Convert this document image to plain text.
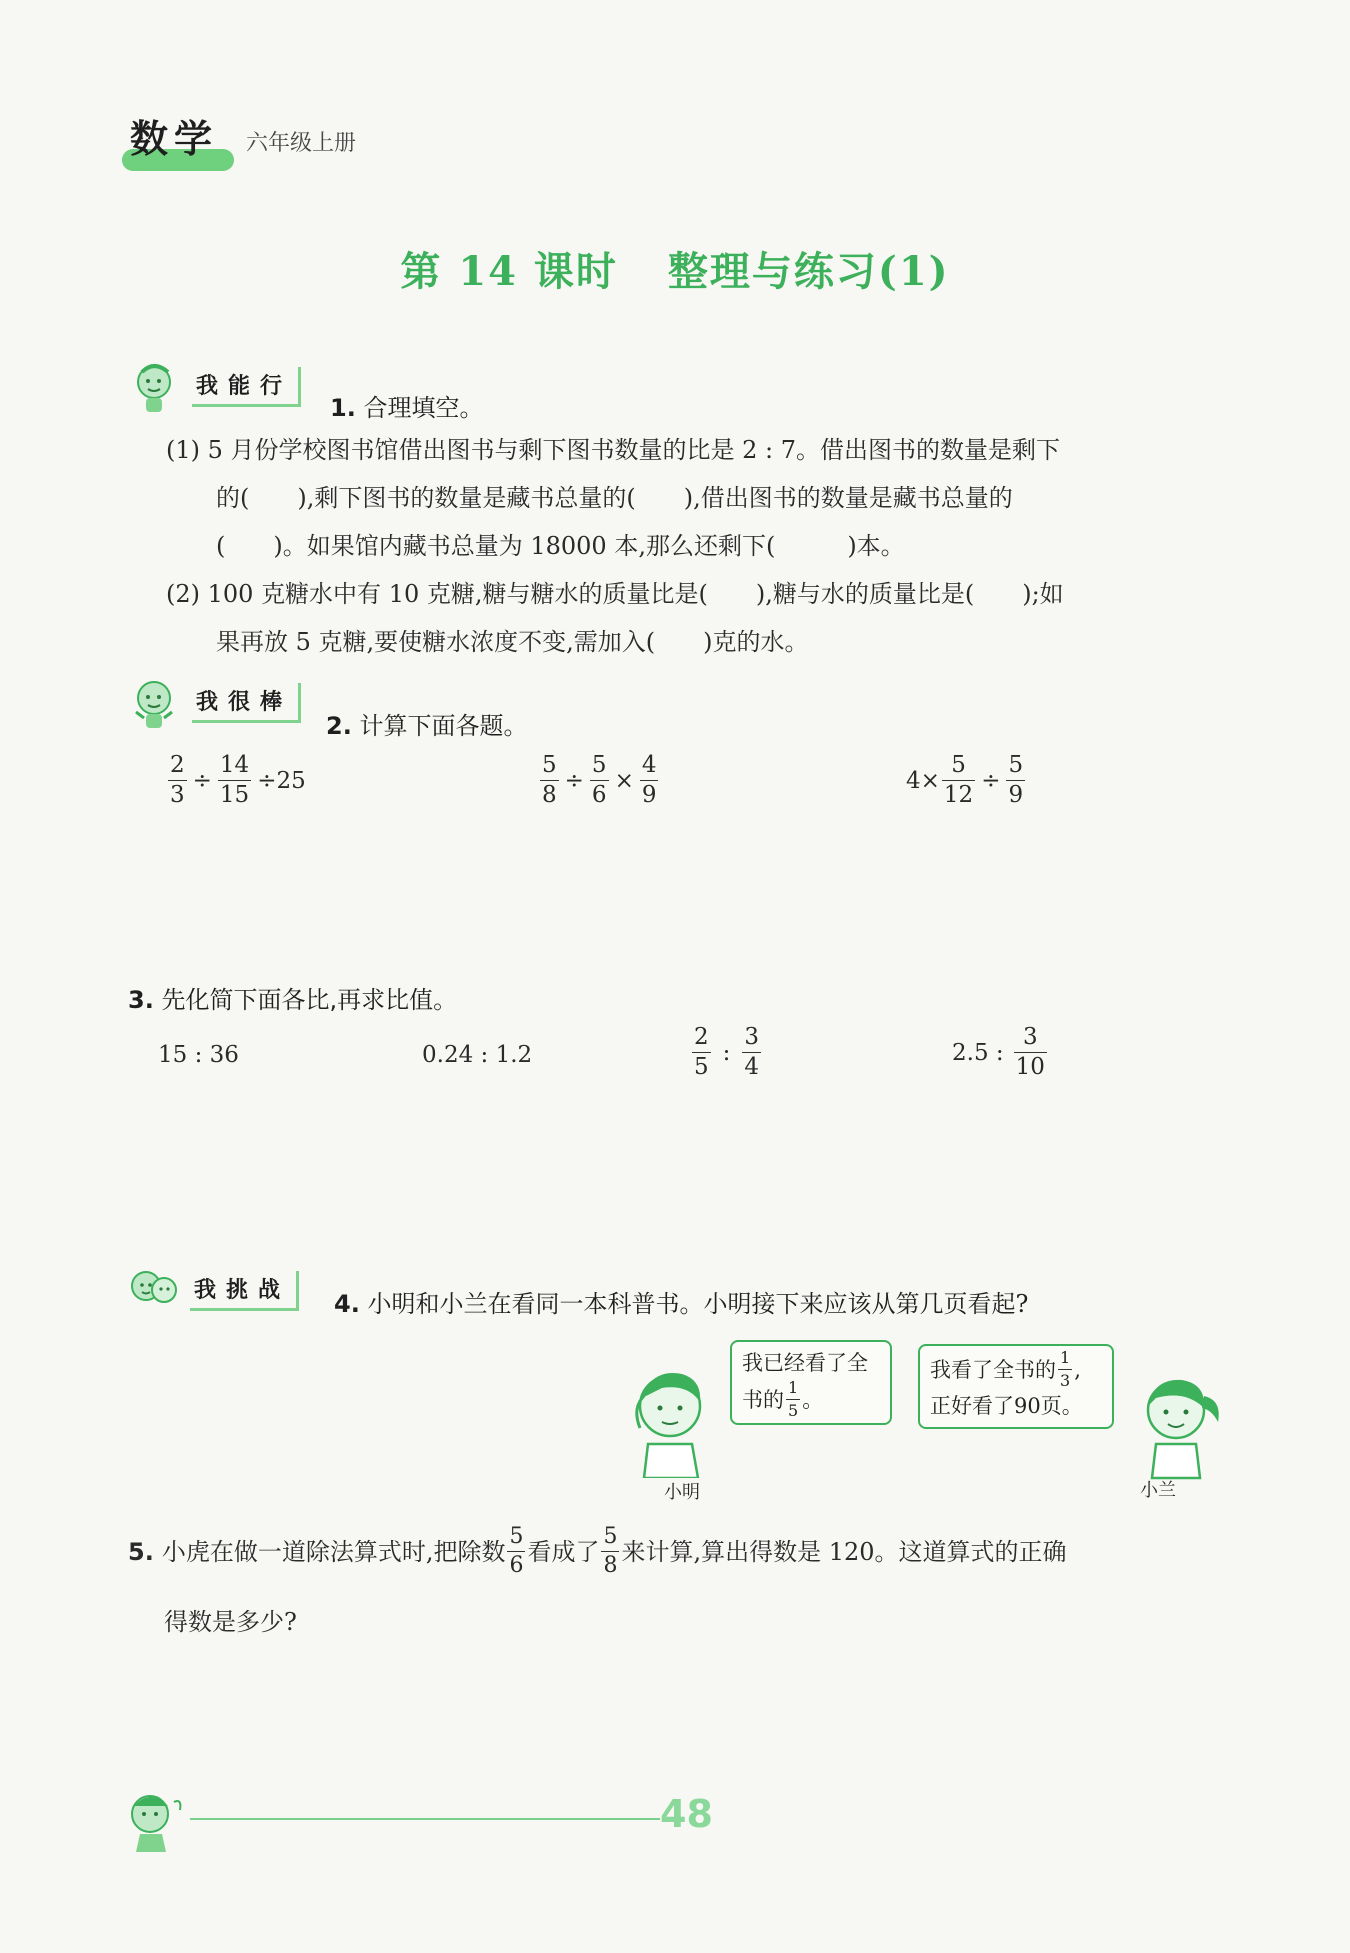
数学 六年级上册
第 14 课时 整理与练习(1)
我能行
1. 合理填空。
(1) 5 月份学校图书馆借出图书与剩下图书数量的比是 2 : 7。借出图书的数量是剩下
的(　　),剩下图书的数量是藏书总量的(　　),借出图书的数量是藏书总量的
(　　)。如果馆内藏书总量为 18000 本,那么还剩下(　　　)本。
(2) 100 克糖水中有 10 克糖,糖与糖水的质量比是(　　),糖与水的质量比是(　　);如
果再放 5 克糖,要使糖水浓度不变,需加入(　　)克的水。
我很棒
2. 计算下面各题。
$\frac{2}{3} \div \frac{14}{15} \div 25$	$\frac{5}{8} \div \frac{5}{6} \times \frac{4}{9}$	$4\times \frac{5}{12} \div \frac{5}{9}$
3. 先化简下面各比,再求比值。
15 : 36	0.24 : 1.2	$\frac{2}{5}$ : $\frac{3}{4}$	2.5 : $\frac{3}{10}$
我挑战	4. 小明和小兰在看同一本科普书。小明接下来应该从第几页看起?
我已经看了全
书的 $\frac{1}{5}$ 。
我看了全书的 $\frac{1}{3}$ ,
正好看了90页。
小明	小兰
5. 小虎在做一道除法算式时,把除数 $\frac{5}{6}$ 看成了 $\frac{5}{8}$ 来计算,算出得数是 120。这道算式的正确
得数是多少?
48
